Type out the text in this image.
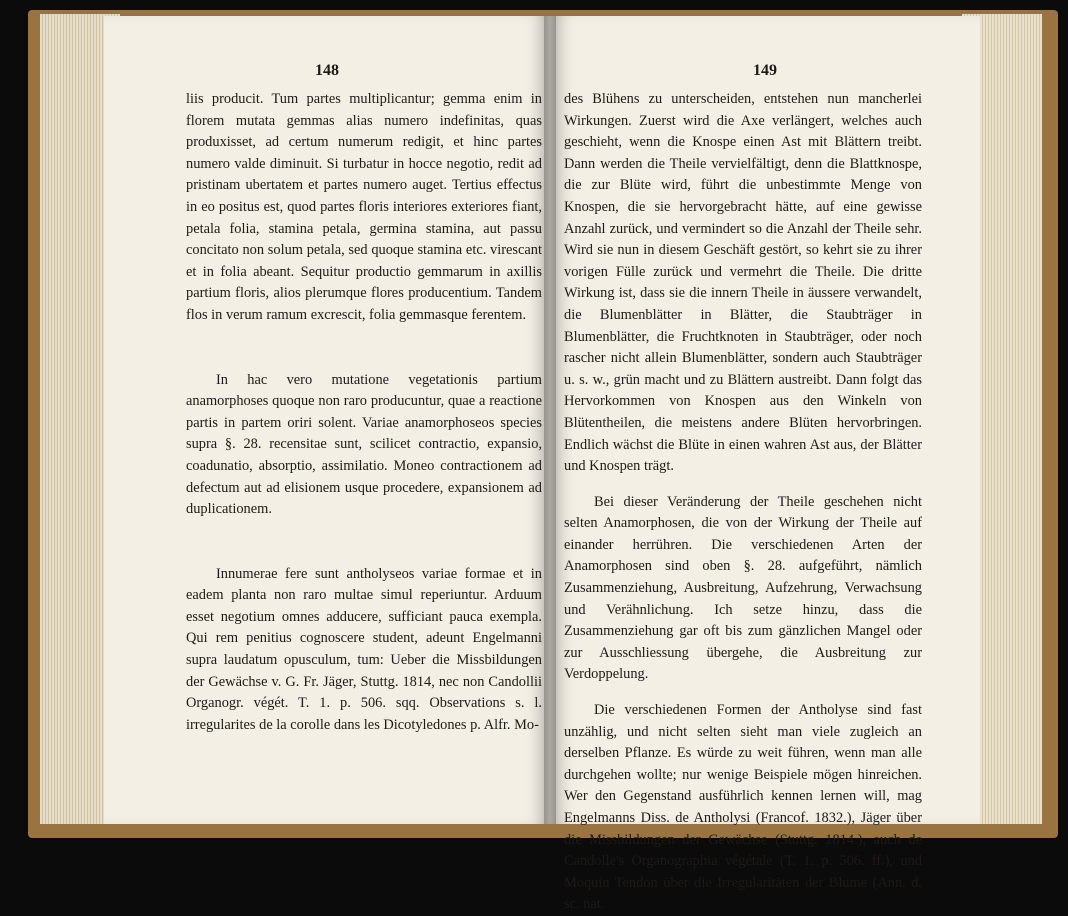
148

liis producit. Tum partes multiplicantur; gemma enim in florem mutata gemmas alias numero indefinitas, quas produxisset, ad certum numerum redigit, et hinc partes numero valde diminuit. Si turbatur in hocce negotio, redit ad pristinam ubertatem et partes numero auget. Tertius effectus in eo positus est, quod partes floris interiores exteriores fiant, petala folia, stamina petala, germina stamina, aut passu concitato non solum petala, sed quoque stamina etc. virescant et in folia abeant. Sequitur productio gemmarum in axillis partium floris, alios plerumque flores producentium. Tandem flos in verum ramum excrescit, folia gemmasque ferentem.

In hac vero mutatione vegetationis partium anamorphoses quoque non raro producuntur, quae a reactione partis in partem oriri solent. Variae anamorphoseos species supra §. 28. recensitae sunt, scilicet contractio, expansio, coadunatio, absorptio, assimilatio. Moneo contractionem ad defectum aut ad elisionem usque procedere, expansionem ad duplicationem.

Innumerae fere sunt antholyseos variae formae et in eadem planta non raro multae simul reperiuntur. Arduum esset negotium omnes adducere, sufficiant pauca exempla. Qui rem penitius cognoscere student, adeunt Engelmanni supra laudatum opusculum, tum: Ueber die Missbildungen der Gewächse v. G. Fr. Jäger, Stuttg. 1814, nec non Candollii Organogr. végét. T. 1. p. 506. sqq. Observations s. l. irregularites de la corolle dans les Dicotyledones p. Alfr. Mo-

149

des Blühens zu unterscheiden, entstehen nun mancherlei Wirkungen. Zuerst wird die Axe verlängert, welches auch geschieht, wenn die Knospe einen Ast mit Blättern treibt. Dann werden die Theile vervielfältigt, denn die Blattknospe, die zur Blüte wird, führt die unbestimmte Menge von Knospen, die sie hervorgebracht hätte, auf eine gewisse Anzahl zurück, und vermindert so die Anzahl der Theile sehr. Wird sie nun in diesem Geschäft gestört, so kehrt sie zu ihrer vorigen Fülle zurück und vermehrt die Theile. Die dritte Wirkung ist, dass sie die innern Theile in äussere verwandelt, die Blumenblätter in Blätter, die Staubträger in Blumenblätter, die Fruchtknoten in Staubträger, oder noch rascher nicht allein Blumenblätter, sondern auch Staubträger u. s. w., grün macht und zu Blättern austreibt. Dann folgt das Hervorkommen von Knospen aus den Winkeln von Blütentheilen, die meistens andere Blüten hervorbringen. Endlich wächst die Blüte in einen wahren Ast aus, der Blätter und Knospen trägt.

Bei dieser Veränderung der Theile geschehen nicht selten Anamorphosen, die von der Wirkung der Theile auf einander herrühren. Die verschiedenen Arten der Anamorphosen sind oben §. 28. aufgeführt, nämlich Zusammenziehung, Ausbreitung, Aufzehrung, Verwachsung und Verähnlichung. Ich setze hinzu, dass die Zusammenziehung gar oft bis zum gänzlichen Mangel oder zur Ausschliessung übergehe, die Ausbreitung zur Verdoppelung.

Die verschiedenen Formen der Antholyse sind fast unzählig, und nicht selten sieht man viele zugleich an derselben Pflanze. Es würde zu weit führen, wenn man alle durchgehen wollte; nur wenige Beispiele mögen hinreichen. Wer den Gegenstand ausführlich kennen lernen will, mag Engelmanns Diss. de Antholysi (Francof. 1832.), Jäger über die Missbildungen der Gewächse (Stuttg. 1814.), auch de Candolle's Organographia végétale (T. 1. p. 506. ff.), und Moquin Tendon über die Irregularitäten der Blume (Ann. d. sc. nat.
